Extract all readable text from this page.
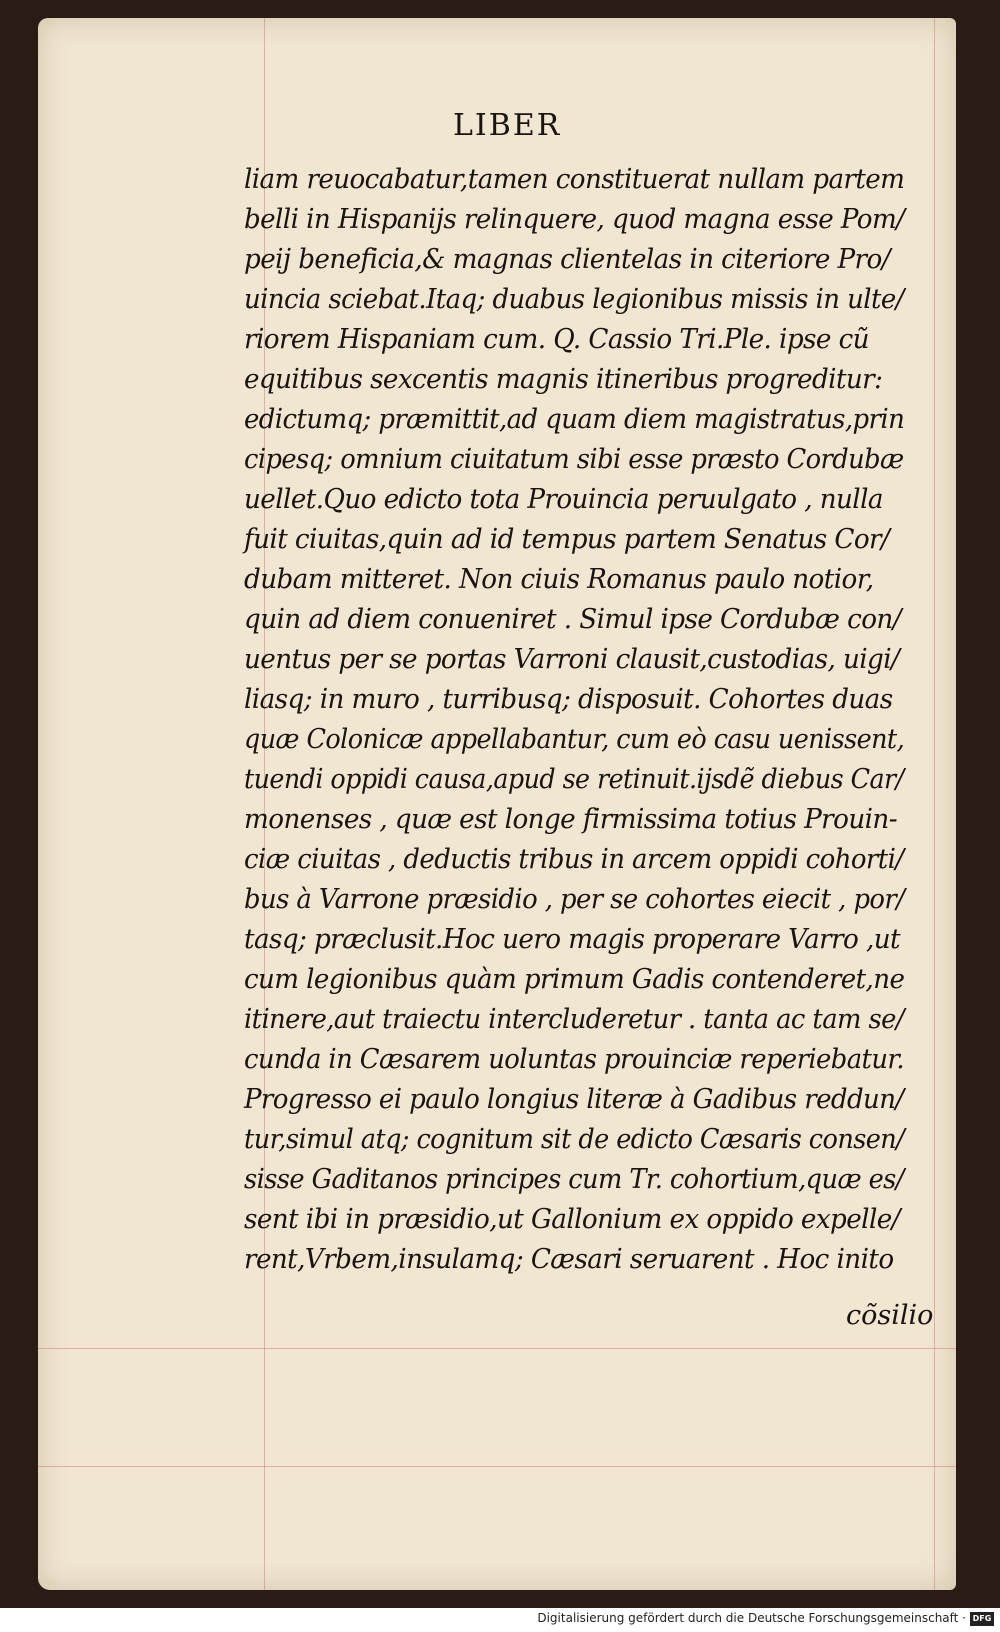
LIBER
liam reuocabatur,tamen constituerat nullam partem
belli in Hispanijs relinquere, quod magna esse Pom/
peij beneficia,& magnas clientelas in citeriore Pro/
uincia sciebat.Itaq; duabus legionibus missis in ulte/
riorem Hispaniam cum. Q. Cassio Tri.Ple. ipse cũ
equitibus sexcentis magnis itineribus progreditur:
edictumq; præmittit,ad quam diem magistratus,prin
cipesq; omnium ciuitatum sibi esse præsto Cordubæ
uellet.Quo edicto tota Prouincia peruulgato , nulla
fuit ciuitas,quin ad id tempus partem Senatus Cor/
dubam mitteret. Non ciuis Romanus paulo notior,
quin ad diem conueniret . Simul ipse Cordubæ con/
uentus per se portas Varroni clausit,custodias, uigi/
liasq; in muro , turribusq; disposuit. Cohortes duas
quæ Colonicæ appellabantur, cum eò casu uenissent,
tuendi oppidi causa,apud se retinuit.ijsdẽ diebus Car/
monenses , quæ est longe firmissima totius Prouin-
ciæ ciuitas , deductis tribus in arcem oppidi cohorti/
bus à Varrone præsidio , per se cohortes eiecit , por/
tasq; præclusit.Hoc uero magis properare Varro ,ut
cum legionibus quàm primum Gadis contenderet,ne
itinere,aut traiectu intercluderetur . tanta ac tam se/
cunda in Cæsarem uoluntas prouinciæ reperiebatur.
Progresso ei paulo longius literæ à Gadibus reddun/
tur,simul atq; cognitum sit de edicto Cæsaris consen/
sisse Gaditanos principes cum Tr. cohortium,quæ es/
sent ibi in præsidio,ut Gallonium ex oppido expelle/
rent,Vrbem,insulamq; Cæsari seruarent . Hoc inito
cõsilio
Digitalisierung gefördert durch die Deutsche Forschungsgemeinschaft · DFG
